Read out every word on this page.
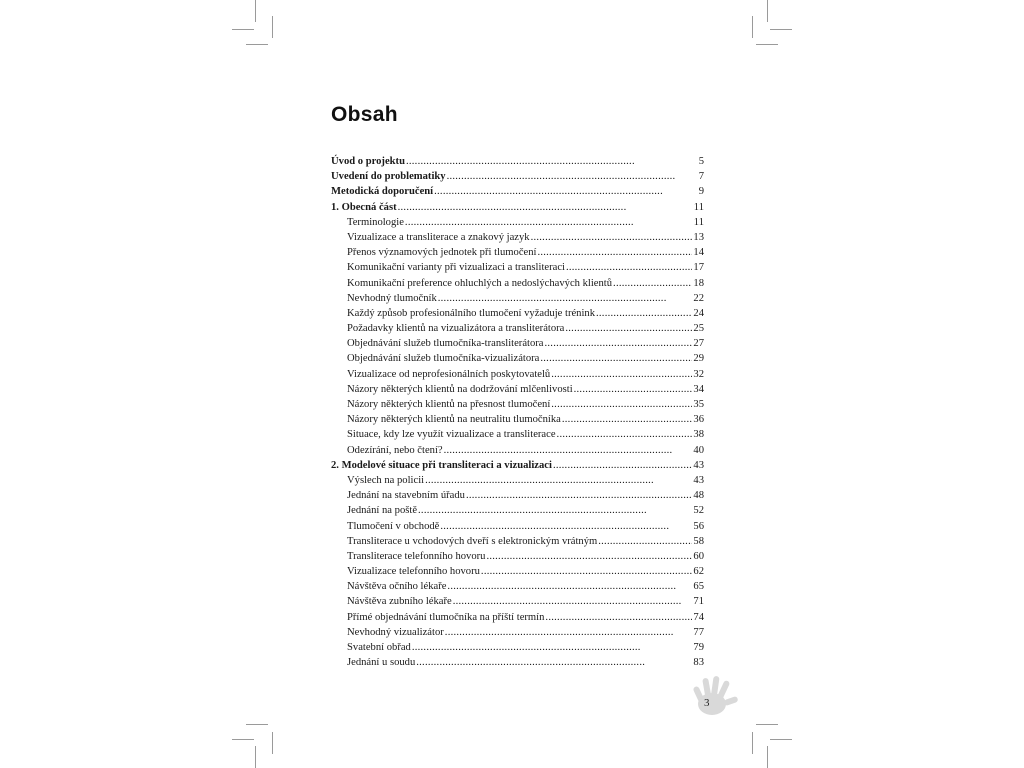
Obsah
Úvod o projektu . . .	5
Uvedení do problematiky . . .	7
Metodická doporučení . . .	9
1. Obecná část . . .	11
Terminologie . . .	11
Vizualizace a transliterace a znakový jazyk . . .	13
Přenos významových jednotek při tlumočení . . .	14
Komunikační varianty při vizualizaci a transliteraci . . .	17
Komunikační preference ohluchlých a nedoslýchavých klientů . . .	18
Nevhodný tlumočník . . .	22
Každý způsob profesionálního tlumočení vyžaduje trénink . . .	24
Požadavky klientů na vizualizátora a transliterátora . . .	25
Objednávání služeb tlumočníka-transliterátora . . .	27
Objednávání služeb tlumočníka-vizualizátora . . .	29
Vizualizace od neprofesionálních poskytovatelů . . .	32
Názory některých klientů na dodržování mlčenlivosti . . .	34
Názory některých klientů na přesnost tlumočení . . .	35
Názory některých klientů na neutralitu tlumočníka . . .	36
Situace, kdy lze využít vizualizace a transliterace . . .	38
Odezírání, nebo čtení? . . .	40
2. Modelové situace při transliteraci a vizualizaci . . .	43
Výslech na policii . . .	43
Jednání na stavebním úřadu . . .	48
Jednání na poště . . .	52
Tlumočení v obchodě . . .	56
Transliterace u vchodových dveří s elektronickým vrátným . . .	58
Transliterace telefonního hovoru . . .	60
Vizualizace telefonního hovoru . . .	62
Návštěva očního lékaře . . .	65
Návštěva zubního lékaře . . .	71
Přímé objednávání tlumočníka na příští termín . . .	74
Nevhodný vizualizátor . . .	77
Svatební obřad . . .	79
Jednání u soudu . . .	83
3
